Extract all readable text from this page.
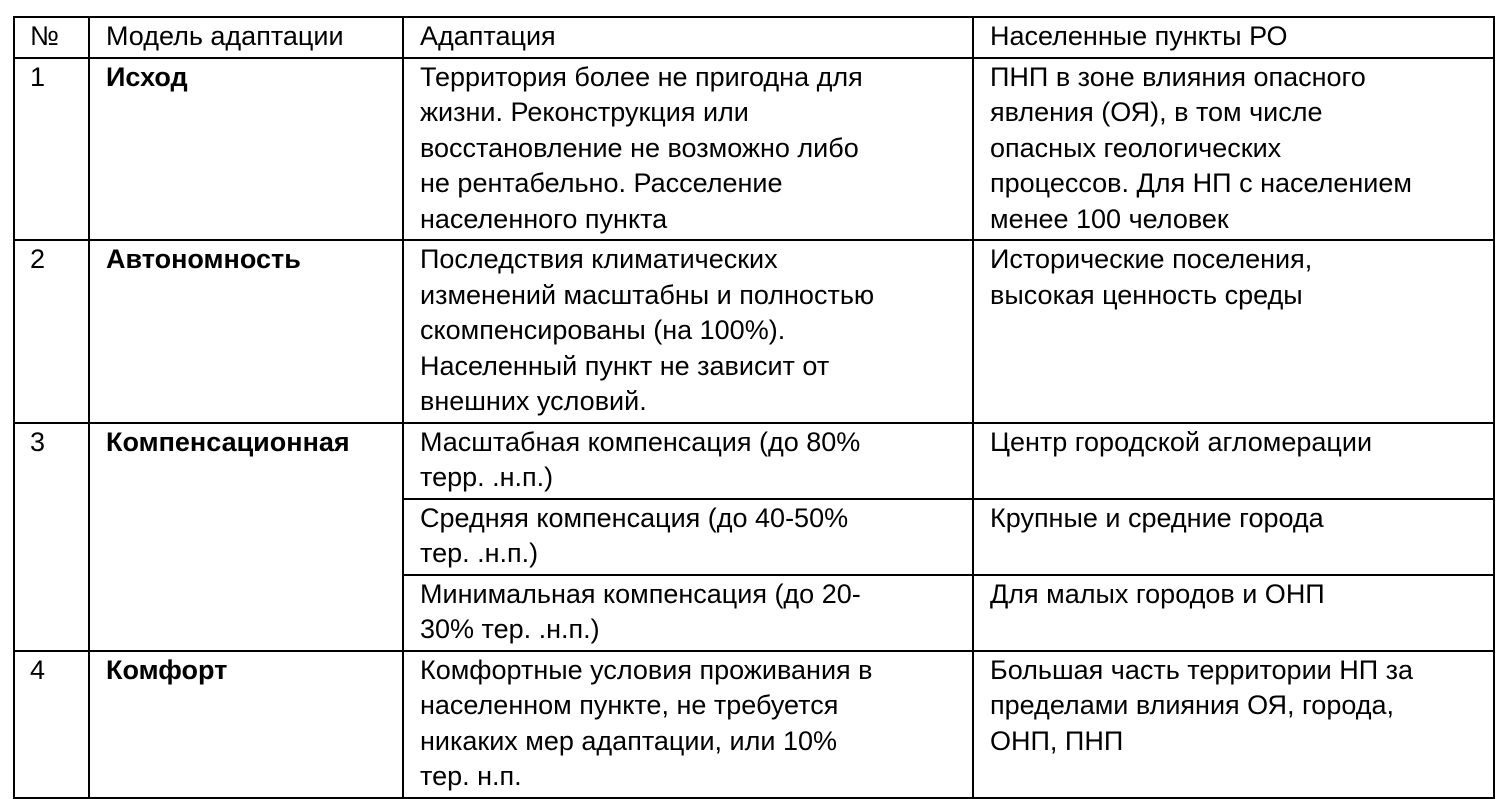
№	Модель адаптации	Адаптация	Населенные пункты РО
1	Исход	Территория более не пригодна для
жизни. Реконструкция или
восстановление не возможно либо
не рентабельно. Расселение
населенного пункта	ПНП в зоне влияния опасного
явления (ОЯ), в том числе
опасных геологических
процессов. Для НП с населением
менее 100 человек
2	Автономность	Последствия климатических
изменений масштабны и полностью
скомпенсированы (на 100%).
Населенный пункт не зависит от
внешних условий.	Исторические поселения,
высокая ценность среды
3	Компенсационная	Масштабная компенсация (до 80%
терр. .н.п.)	Центр городской агломерации
		Средняя компенсация (до 40-50%
тер. .н.п.)	Крупные и средние города
		Минимальная компенсация (до 20-
30% тер. .н.п.)	Для малых городов и ОНП
4	Комфорт	Комфортные условия проживания в
населенном пункте, не требуется
никаких мер адаптации, или 10%
тер. н.п.	Большая часть территории НП за
пределами влияния ОЯ, города,
ОНП, ПНП
